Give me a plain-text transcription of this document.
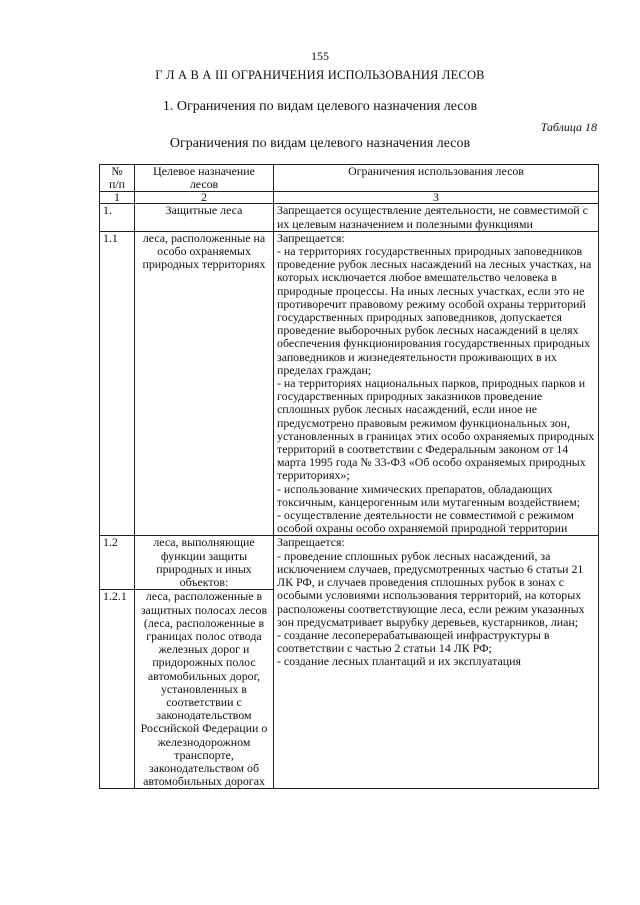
155
Г Л А В А III ОГРАНИЧЕНИЯ ИСПОЛЬЗОВАНИЯ ЛЕСОВ
1. Ограничения по видам целевого назначения лесов
Таблица 18
Ограничения по видам целевого назначения лесов
№ п/п	Целевое назначение лесов	Ограничения использования лесов
1	2	3
1.	Защитные леса	Запрещается осуществление деятельности, не совместимой с их целевым назначением и полезными функциями

1.1	леса, расположенные на особо охраняемых природных территориях	Запрещается:

- на территориях государственных природных заповедников проведение рубок лесных насаждений на лесных участках, на которых исключается любое вмешательство человека в природные процессы. На иных лесных участках, если это не противоречит правовому режиму особой охраны территорий государственных природных заповедников, допускается проведение выборочных рубок лесных насаждений в целях обеспечения функционирования государственных природных заповедников и жизнедеятельности проживающих в их пределах граждан;

- на территориях национальных парков, природных парков и государственных природных заказников проведение сплошных рубок лесных насаждений, если иное не предусмотрено правовым режимом функциональных зон, установленных в границах этих особо охраняемых природных территорий в соответствии с Федеральным законом от 14 марта 1995 года № 33-ФЗ «Об особо охраняемых природных территориях»;

- использование химических препаратов, обладающих токсичным, канцерогенным или мутагенным воздействием;

- осуществление деятельности не совместимой с режимом особой охраны особо охраняемой природной территории

1.2	леса, выполняющие функции защиты природных и иных объектов:	Запрещается:

- проведение сплошных рубок лесных насаждений, за исключением случаев, предусмотренных частью 6 статьи 21 ЛК РФ, и случаев проведения сплошных рубок в зонах с особыми условиями использования территорий, на которых расположены соответствующие леса, если режим указанных зон предусматривает вырубку деревьев, кустарников, лиан;

- создание лесоперерабатывающей инфраструктуры в соответствии с частью 2 статьи 14 ЛК РФ;

- создание лесных плантаций и их эксплуатация

1.2.1	леса, расположенные в защитных полосах лесов (леса, расположенные в границах полос отвода железных дорог и придорожных полос автомобильных дорог, установленных в соответствии с законодательством Российской Федерации о железнодорожном транспорте, законодательством об автомобильных дорогах	
